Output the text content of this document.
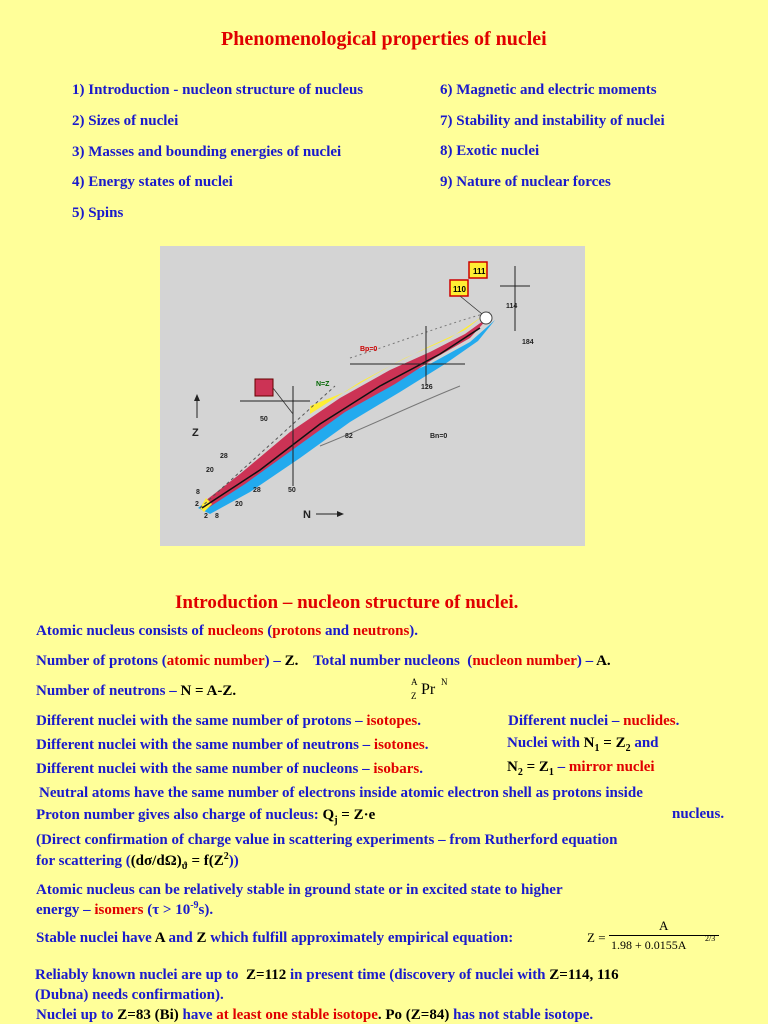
Phenomenological properties of nuclei
1) Introduction - nucleon structure of nucleus
2) Sizes of nuclei
3) Masses and bounding energies of nuclei
4) Energy states of nuclei
5) Spins
6) Magnetic and electric moments
7) Stability and instability of nuclei
8) Exotic nuclei
9) Nature of nuclear forces
111
110
114
184
126
82
50
50
28
20
8
2
2 8
20
28
Bp=0
Bn=0
N=Z
Z
N
Introduction – nucleon structure of nuclei.
Atomic nucleus consists of nucleons (protons and neutrons).
Number of protons (atomic number) – Z.    Total number nucleons  (nucleon number) – A.
Number of neutrons – N = A-Z.
A
Z Pr N
Different nuclei with the same number of protons – isotopes.	Different nuclei – nuclides.
Different nuclei with the same number of neutrons – isotones.	Nuclei with $N_1 = Z_2$ and
Different nuclei with the same number of nucleons – isobars.	$N_2 = Z_1$ – mirror nuclei
Neutral atoms have the same number of electrons inside atomic electron shell as protons inside
Proton number gives also charge of nucleus: $Q_j = Z\cdot e$	nucleus.
(Direct confirmation of charge value in scattering experiments – from Rutherford equation
for scattering $((d\sigma/d\Omega)_ϑ = f(Z^2))$
Atomic nucleus can be relatively stable in ground state or in excited state to higher
energy – isomers $(\tau > 10^{-9}s)$.
Stable nuclei have A and Z which fulfill approximately empirical equation:	Z =
A
1.98 + 0.0155A 2/3
Reliably known nuclei are up to  Z=112 in present time (discovery of nuclei with Z=114, 116
(Dubna) needs confirmation).
Nuclei up to Z=83 (Bi) have at least one stable isotope. Po (Z=84) has not stable isotope.
